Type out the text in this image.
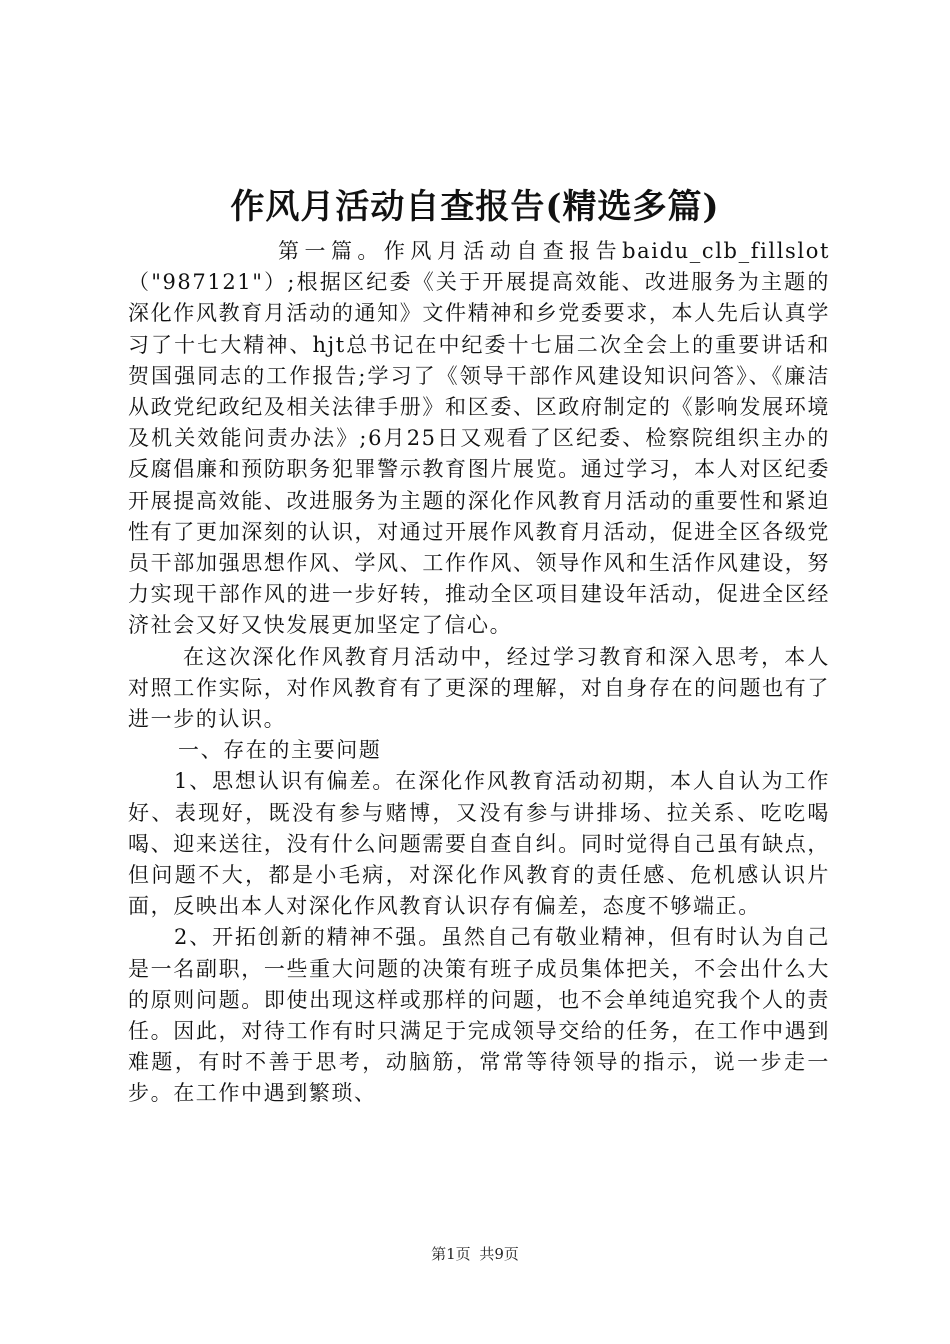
作风月活动自查报告(精选多篇)

第一篇。作风月活动自查报告baidu_clb_fillslot（"987121"）;根据区纪委《关于开展提高效能、改进服务为主题的深化作风教育月活动的通知》文件精神和乡党委要求，本人先后认真学习了十七大精神、hjt总书记在中纪委十七届二次全会上的重要讲话和贺国强同志的工作报告;学习了《领导干部作风建设知识问答》、《廉洁从政党纪政纪及相关法律手册》和区委、区政府制定的《影响发展环境及机关效能问责办法》;6月25日又观看了区纪委、检察院组织主办的反腐倡廉和预防职务犯罪警示教育图片展览。通过学习，本人对区纪委开展提高效能、改进服务为主题的深化作风教育月活动的重要性和紧迫性有了更加深刻的认识，对通过开展作风教育月活动，促进全区各级党员干部加强思想作风、学风、工作作风、领导作风和生活作风建设，努力实现干部作风的进一步好转，推动全区项目建设年活动，促进全区经济社会又好又快发展更加坚定了信心。

在这次深化作风教育月活动中，经过学习教育和深入思考，本人对照工作实际，对作风教育有了更深的理解，对自身存在的问题也有了进一步的认识。

一、存在的主要问题

1、思想认识有偏差。在深化作风教育活动初期，本人自认为工作好、表现好，既没有参与赌博，又没有参与讲排场、拉关系、吃吃喝喝、迎来送往，没有什么问题需要自查自纠。同时觉得自己虽有缺点，但问题不大，都是小毛病，对深化作风教育的责任感、危机感认识片面，反映出本人对深化作风教育认识存有偏差，态度不够端正。

2、开拓创新的精神不强。虽然自己有敬业精神，但有时认为自己是一名副职，一些重大问题的决策有班子成员集体把关，不会出什么大的原则问题。即使出现这样或那样的问题，也不会单纯追究我个人的责任。因此，对待工作有时只满足于完成领导交给的任务，在工作中遇到难题，有时不善于思考，动脑筋，常常等待领导的指示，说一步走一步。在工作中遇到繁琐、

第1页 共9页
